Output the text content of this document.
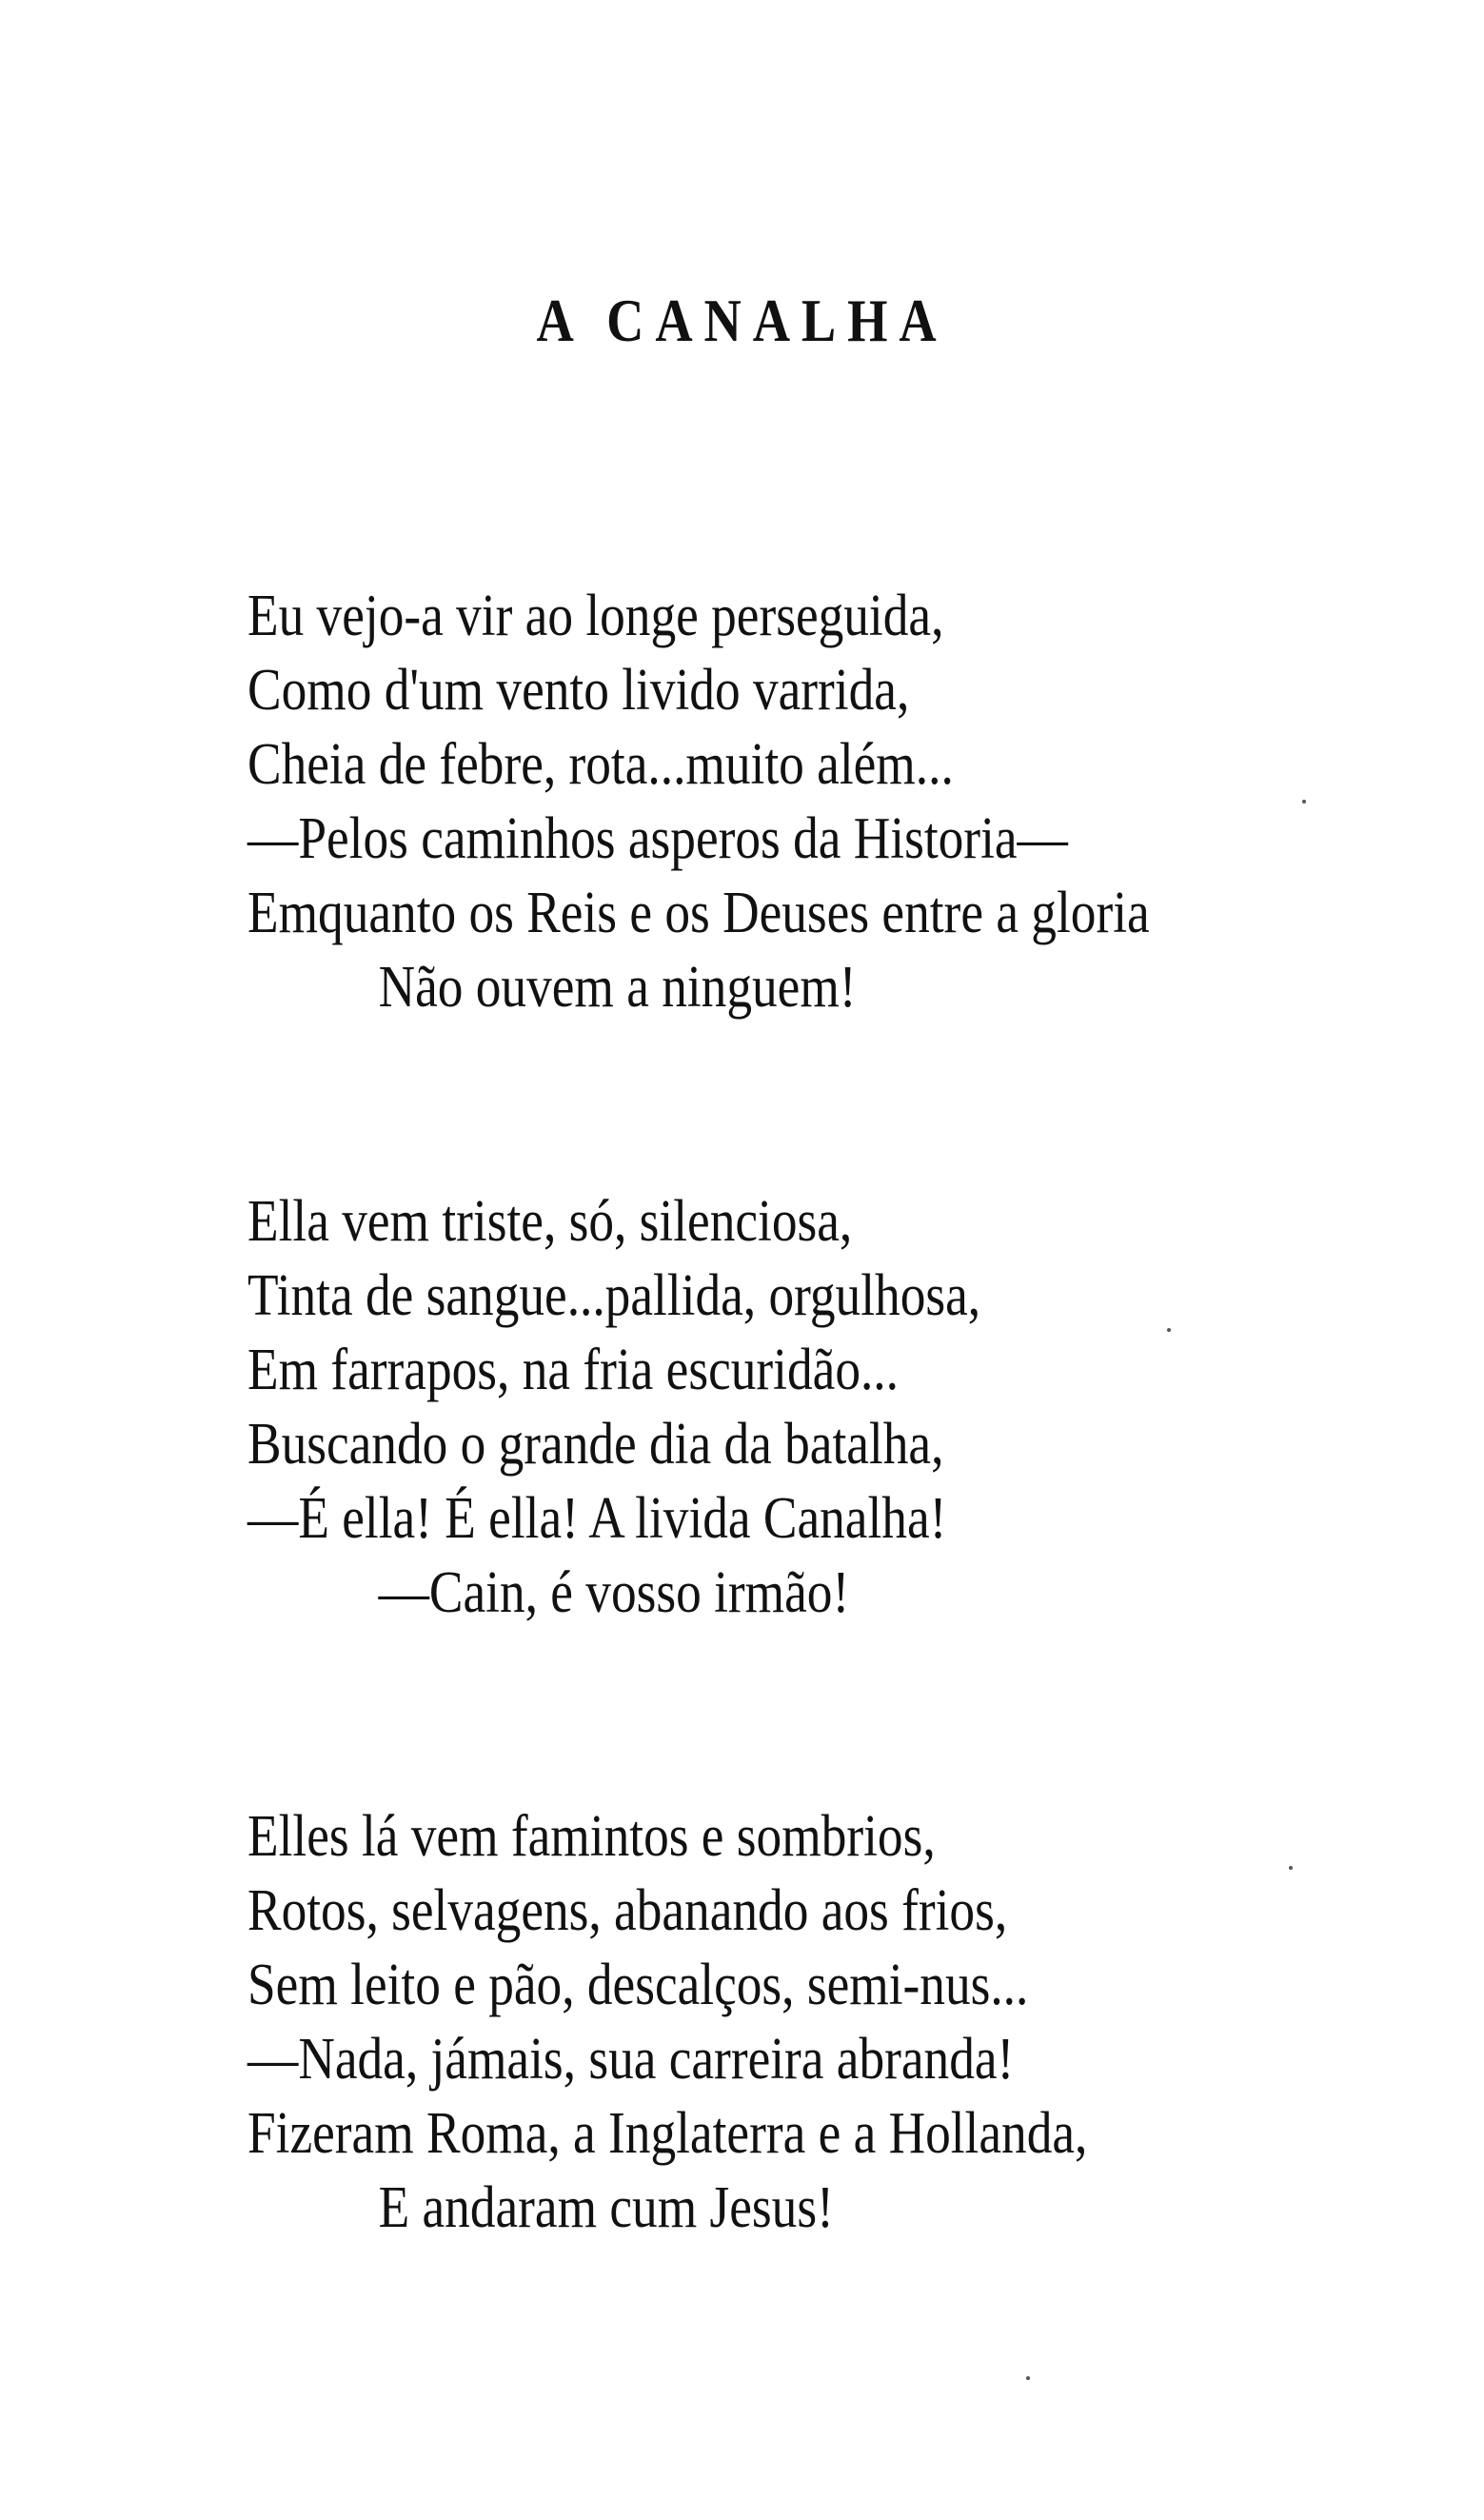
A CANALHA
Eu vejo-a vir ao longe perseguida,
Como d'um vento livido varrida,
Cheia de febre, rota...muito além...
—Pelos caminhos asperos da Historia—
Emquanto os Reis e os Deuses entre a gloria
Não ouvem a ninguem!
Ella vem triste, só, silenciosa,
Tinta de sangue...pallida, orgulhosa,
Em farrapos, na fria escuridão...
Buscando o grande dia da batalha,
—É ella! É ella! A livida Canalha!
—Cain, é vosso irmão!
Elles lá vem famintos e sombrios,
Rotos, selvagens, abanando aos frios,
Sem leito e pão, descalços, semi-nus...
—Nada, jámais, sua carreira abranda!
Fizeram Roma, a Inglaterra e a Hollanda,
E andaram cum Jesus!
